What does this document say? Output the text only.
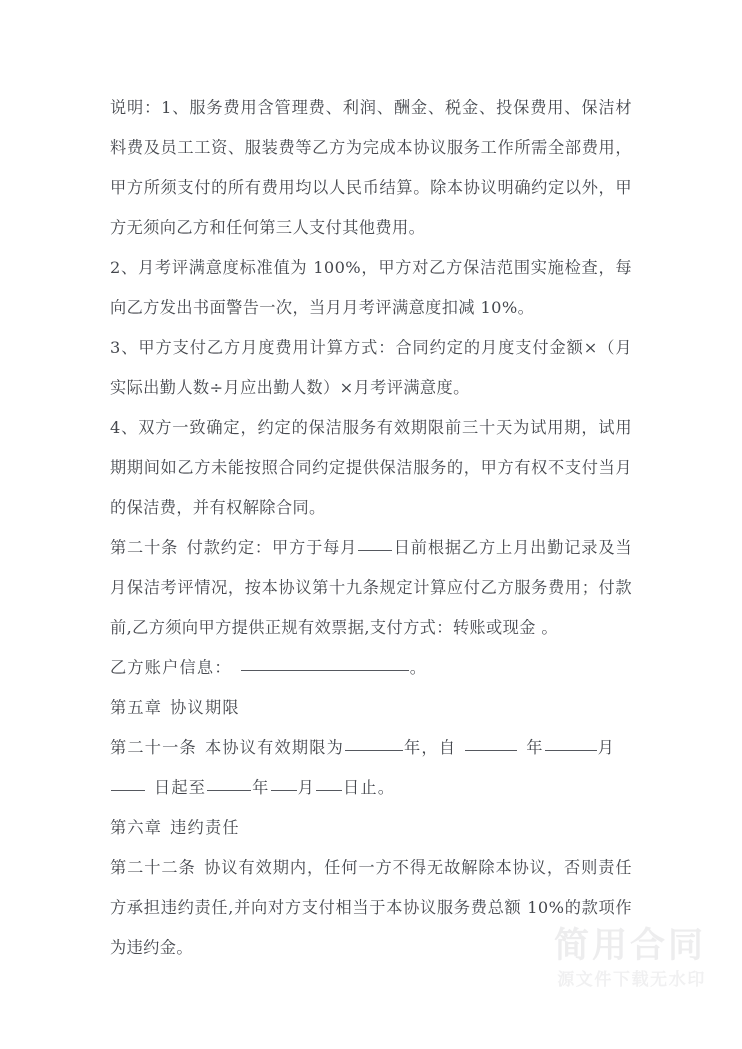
说明：1、服务费用含管理费、利润、酬金、税金、投保费用、保洁材料费及员工工资、服装费等乙方为完成本协议服务工作所需全部费用，甲方所须支付的所有费用均以人民币结算。除本协议明确约定以外，甲方无须向乙方和任何第三人支付其他费用。

2、月考评满意度标准值为 100%，甲方对乙方保洁范围实施检查，每向乙方发出书面警告一次，当月月考评满意度扣减 10%。

3、甲方支付乙方月度费用计算方式：合同约定的月度支付金额×（月实际出勤人数÷月应出勤人数）×月考评满意度。

4、双方一致确定，约定的保洁服务有效期限前三十天为试用期，试用期期间如乙方未能按照合同约定提供保洁服务的，甲方有权不支付当月的保洁费，并有权解除合同。

第二十条 付款约定：甲方于每月 日前根据乙方上月出勤记录及当月保洁考评情况，按本协议第十九条规定计算应付乙方服务费用；付款前,乙方须向甲方提供正规有效票据,支付方式：转账或现金 。

乙方账户信息：	。

第五章 协议期限

第二十一条 本协议有效期限为	年，自	年	月日起至	年 月 日止。

第六章 违约责任

第二十二条 协议有效期内，任何一方不得无故解除本协议，否则责任方承担违约责任,并向对方支付相当于本协议服务费总额 10%的款项作为违约金。	简用合同
源文件下载无水印
